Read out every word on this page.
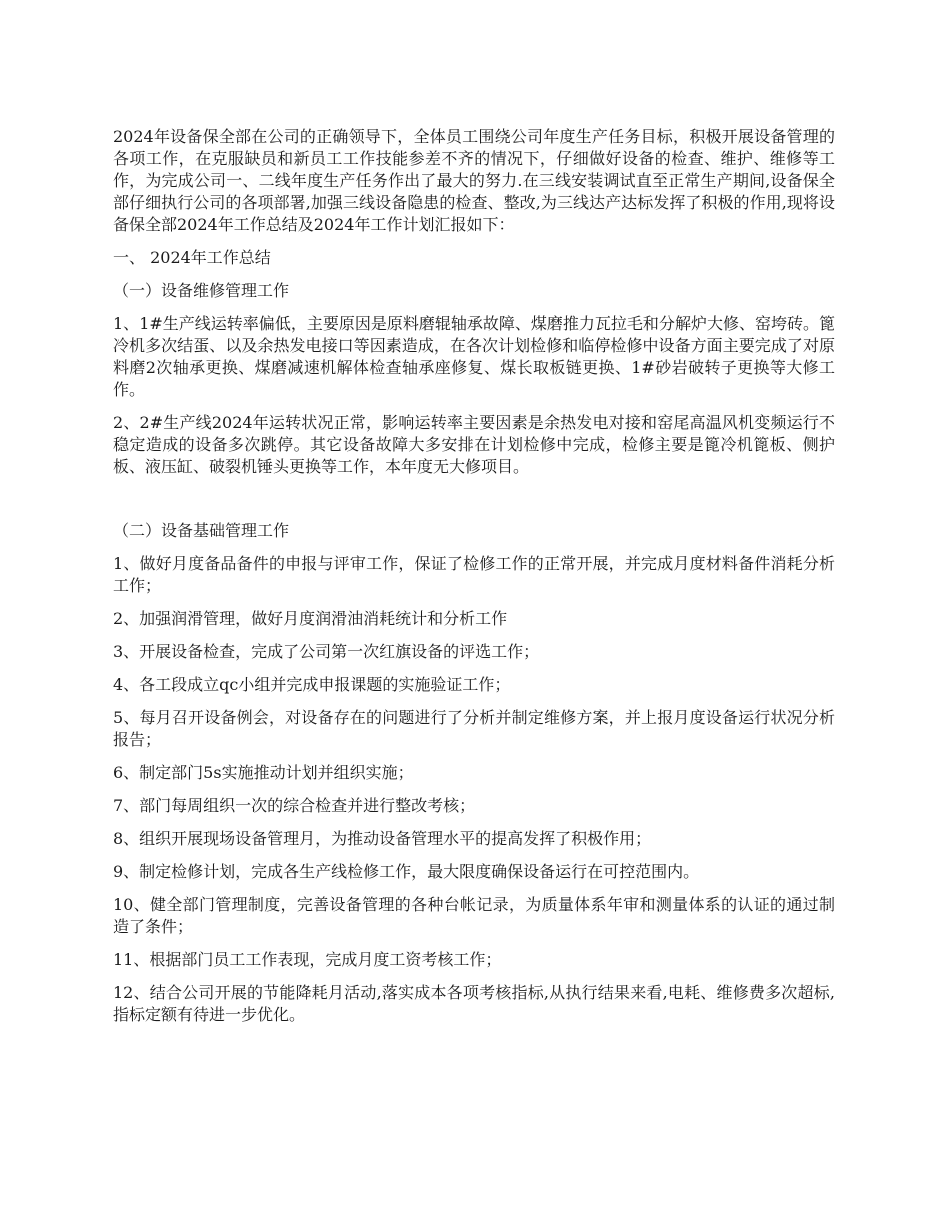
2024年设备保全部在公司的正确领导下，全体员工围绕公司年度生产任务目标，积极开展设备管理的各项工作，在克服缺员和新员工工作技能参差不齐的情况下，仔细做好设备的检查、维护、维修等工作，为完成公司一、二线年度生产任务作出了最大的努力.在三线安装调试直至正常生产期间,设备保全部仔细执行公司的各项部署,加强三线设备隐患的检查、整改,为三线达产达标发挥了积极的作用,现将设备保全部2024年工作总结及2024年工作计划汇报如下：

一、 2024年工作总结

（一）设备维修管理工作

1、1#生产线运转率偏低，主要原因是原料磨辊轴承故障、煤磨推力瓦拉毛和分解炉大修、窑垮砖。篦冷机多次结蛋、以及余热发电接口等因素造成，在各次计划检修和临停检修中设备方面主要完成了对原料磨2次轴承更换、煤磨减速机解体检查轴承座修复、煤长取板链更换、1#砂岩破转子更换等大修工作。

2、2#生产线2024年运转状况正常，影响运转率主要因素是余热发电对接和窑尾高温风机变频运行不稳定造成的设备多次跳停。其它设备故障大多安排在计划检修中完成，检修主要是篦冷机篦板、侧护板、液压缸、破裂机锤头更换等工作，本年度无大修项目。

（二）设备基础管理工作

1、做好月度备品备件的申报与评审工作，保证了检修工作的正常开展，并完成月度材料备件消耗分析工作；

2、加强润滑管理，做好月度润滑油消耗统计和分析工作

3、开展设备检查，完成了公司第一次红旗设备的评选工作；

4、各工段成立qc小组并完成申报课题的实施验证工作；

5、每月召开设备例会，对设备存在的问题进行了分析并制定维修方案，并上报月度设备运行状况分析报告；

6、制定部门5s实施推动计划并组织实施；

7、部门每周组织一次的综合检查并进行整改考核；

8、组织开展现场设备管理月，为推动设备管理水平的提高发挥了积极作用；

9、制定检修计划，完成各生产线检修工作，最大限度确保设备运行在可控范围内。

10、健全部门管理制度，完善设备管理的各种台帐记录，为质量体系年审和测量体系的认证的通过制造了条件；

11、根据部门员工工作表现，完成月度工资考核工作；

12、结合公司开展的节能降耗月活动,落实成本各项考核指标,从执行结果来看,电耗、维修费多次超标, 指标定额有待进一步优化。
